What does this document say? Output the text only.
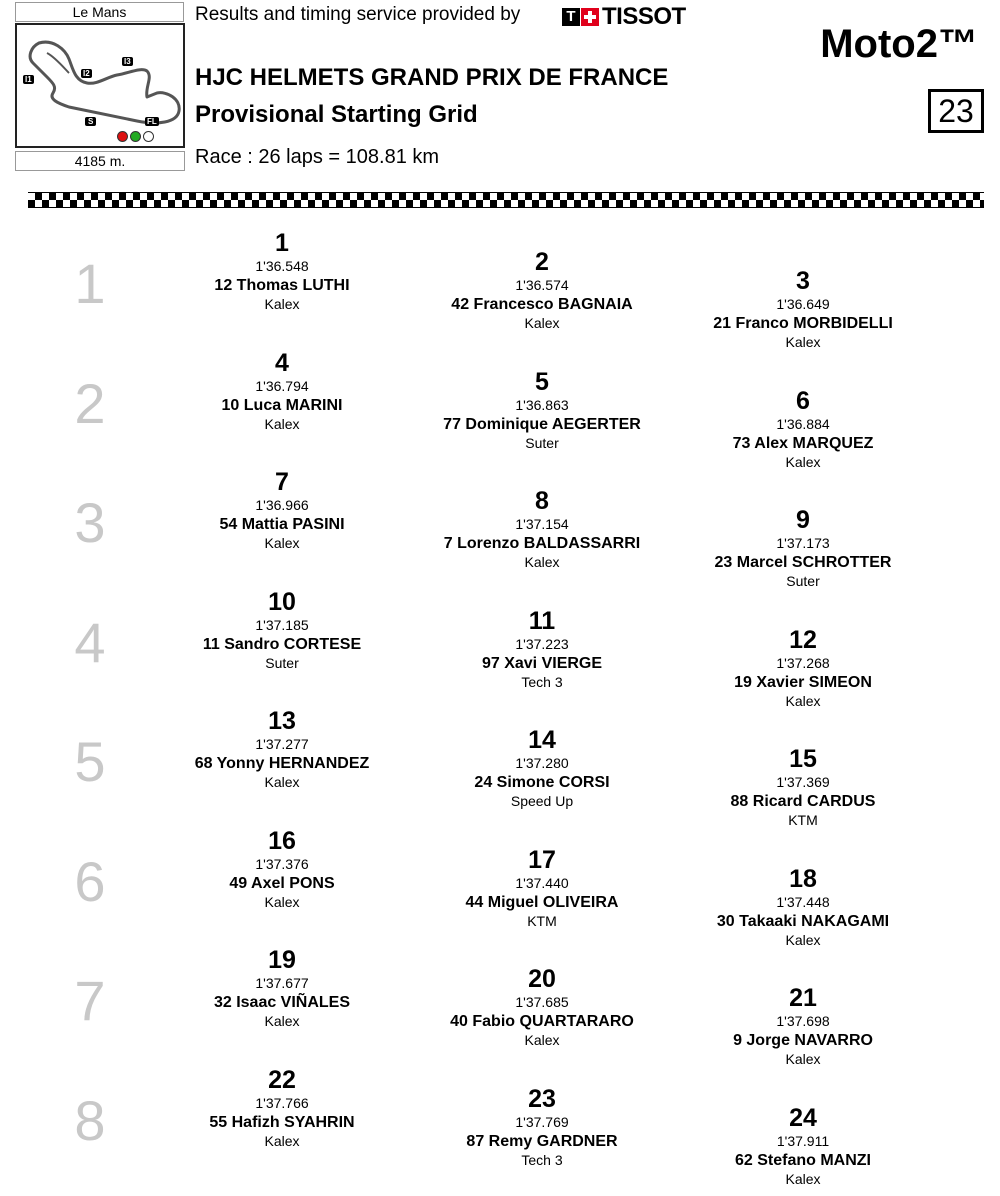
Le Mans
I1
I2
I3
S	FL
4185 m.
Results and timing service provided by	T TISSOT
HJC HELMETS GRAND PRIX DE FRANCE
Provisional Starting Grid
Race : 26 laps = 108.81 km
Moto2™
23
1
2
3
4
5
6
7
8
1
1'36.548
12 Thomas LUTHI
Kalex
2
1'36.574
42 Francesco BAGNAIA
Kalex
3
1'36.649
21 Franco MORBIDELLI
Kalex
4
1'36.794
10 Luca MARINI
Kalex
5
1'36.863
77 Dominique AEGERTER
Suter
6
1'36.884
73 Alex MARQUEZ
Kalex
7
1'36.966
54 Mattia PASINI
Kalex
8
1'37.154
7 Lorenzo BALDASSARRI
Kalex
9
1'37.173
23 Marcel SCHROTTER
Suter
10
1'37.185
11 Sandro CORTESE
Suter
11
1'37.223
97 Xavi VIERGE
Tech 3
12
1'37.268
19 Xavier SIMEON
Kalex
13
1'37.277
68 Yonny HERNANDEZ
Kalex
14
1'37.280
24 Simone CORSI
Speed Up
15
1'37.369
88 Ricard CARDUS
KTM
16
1'37.376
49 Axel PONS
Kalex
17
1'37.440
44 Miguel OLIVEIRA
KTM
18
1'37.448
30 Takaaki NAKAGAMI
Kalex
19
1'37.677
32 Isaac VIÑALES
Kalex
20
1'37.685
40 Fabio QUARTARARO
Kalex
21
1'37.698
9 Jorge NAVARRO
Kalex
22
1'37.766
55 Hafizh SYAHRIN
Kalex
23
1'37.769
87 Remy GARDNER
Tech 3
24
1'37.911
62 Stefano MANZI
Kalex
